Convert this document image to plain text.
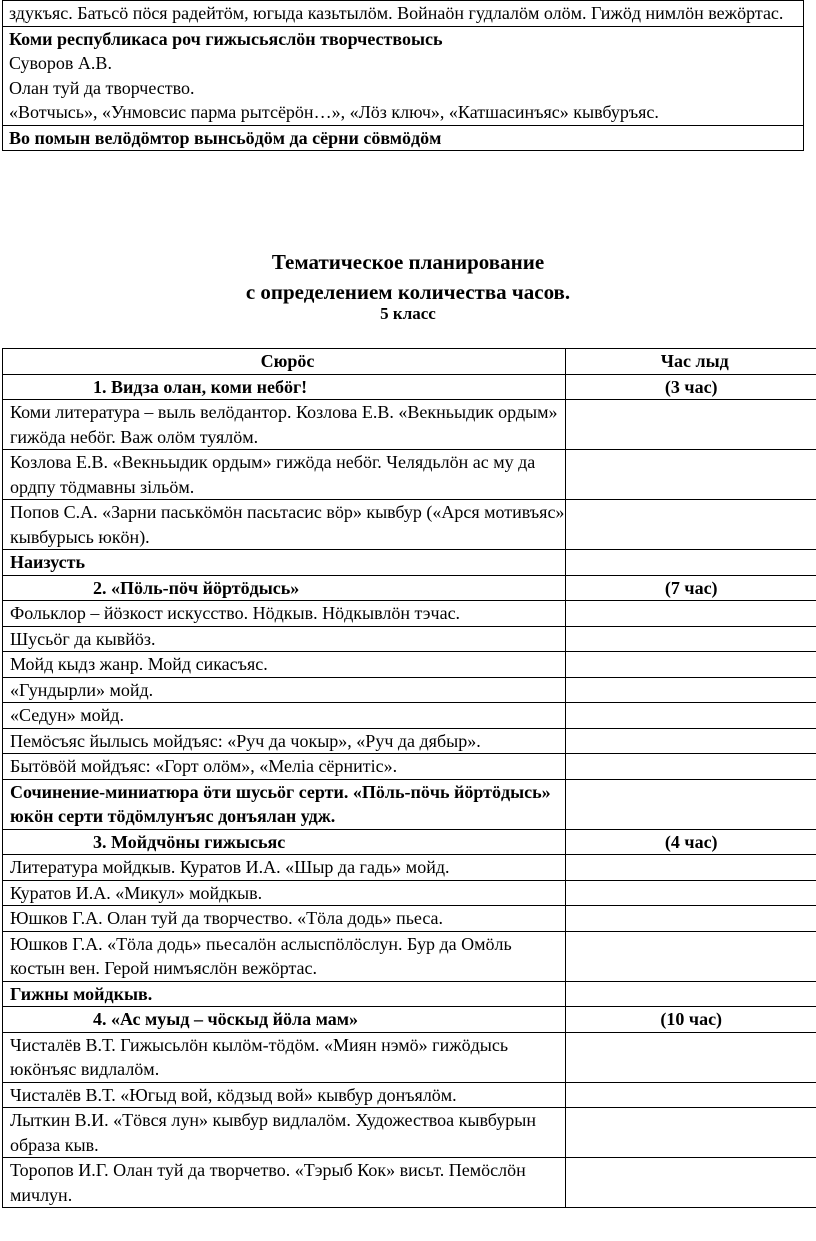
здукъяс. Батьсö пöся радейтöм, югыда казьтылöм. Войнаöн гудлалöм олöм. Гижöд нимлöн вежöртас.

Коми республикаса роч гижысьяслöн творчествоысь
Суворов А.В.
Олан туй да творчество.
«Вотчысь», «Унмовсис парма рытсёрöн…», «Лöз ключ», «Катшасинъяс» кывбуръяс.

Во помын велöдöмтор вынсьöдöм да сёрни сöвмöдöм
Тематическое планирование
с определением количества часов.
5 класс
Сюрöс	Час лыд
1. Видза олан, коми небöг!	(3 час)
Коми литература – выль велöдантор. Козлова Е.В. «Векньыдик ордым» гижöда небöг. Важ олöм туялöм.	
Козлова Е.В. «Векньыдик ордым» гижöда небöг. Челядьлöн ас му да ордпу тöдмавны зiльöм.	
Попов С.А. «Зарни паськöмöн пасьтасис вöр» кывбур («Арся мотивъяс» кывбурысь юкöн).	
Наизусть	
2. «Пöль-пöч йöртöдысь»	(7 час)
Фольклор – йöзкост искусство. Нöдкыв. Нöдкывлöн тэчас.	
Шусьöг да кывйöз.	
Мойд кыдз жанр. Мойд сикасъяс.	
«Гундырли» мойд.	
«Седун» мойд.	
Пемöсъяс йылысь мойдъяс: «Руч да чокыр», «Руч да дябыр».	
Бытöвöй мойдъяс: «Горт олöм», «Мелiа сёрнитiс».	
Сочинение-миниатюра öти шусьöг серти. «Пöль-пöчь йöртöдысь» юкöн серти тöдöмлунъяс донъялан удж.	
3. Мойдчöны гижысьяс	(4 час)
Литература мойдкыв. Куратов И.А. «Шыр да гадь» мойд.	
Куратов И.А. «Микул» мойдкыв.	
Юшков Г.А. Олан туй да творчество. «Тöла додь» пьеса.	
Юшков Г.А. «Тöла додь» пьесалöн аслыспöлöслун. Бур да Омöль костын вен. Герой нимъяслöн вежöртас.	
Гижны мойдкыв.	
4. «Ас муыд – чöскыд йöла мам»	(10 час)
Чисталёв В.Т. Гижысьлöн кылöм-тöдöм. «Миян нэмö» гижöдысь юкöнъяс видлалöм.	
Чисталёв В.Т. «Югыд вой, кöдзыд вой» кывбур донъялöм.	
Лыткин В.И. «Тöвся лун» кывбур видлалöм. Художествоа кывбурын образа кыв.	
Торопов И.Г. Олан туй да творчетво. «Тэрыб Кок» висьт. Пемöслöн мичлун.	
